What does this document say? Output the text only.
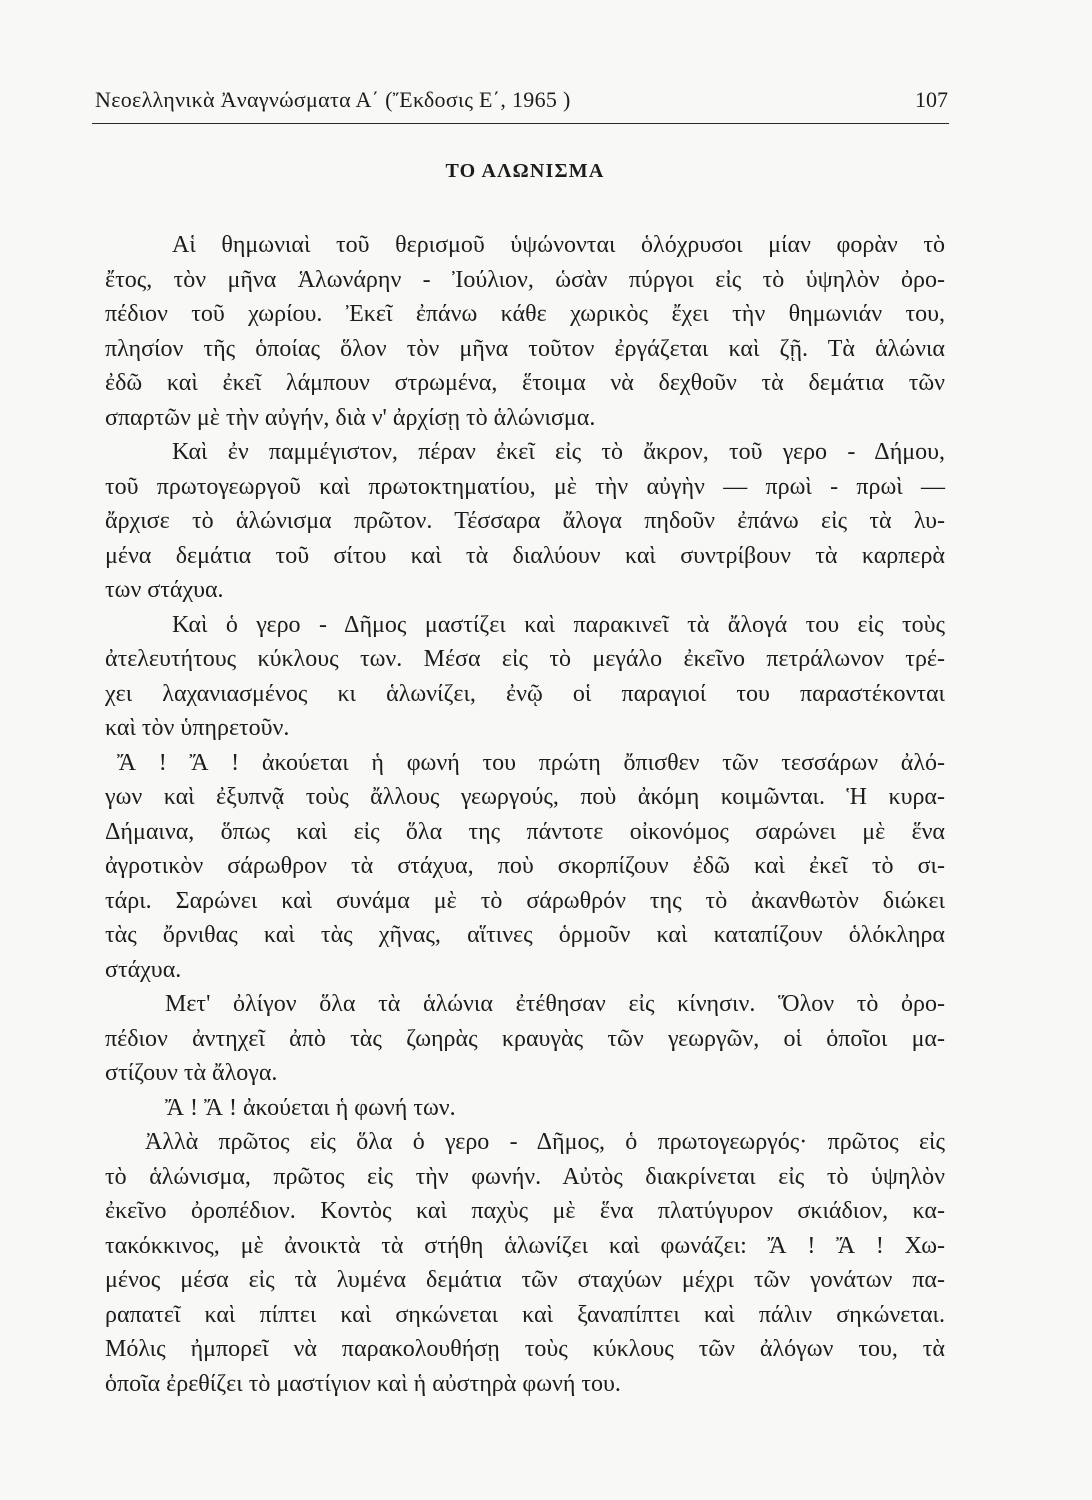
Νεοελληνικὰ Ἀναγνώσματα Α΄ (Ἔκδοσις Ε΄, 1965 )	107
ΤΟ ΑΛΩΝΙΣΜΑ
Αἱ θημωνιαὶ τοῦ θερισμοῦ ὑψώνονται ὁλόχρυσοι μίαν φορὰν τὸ
ἔτος, τὸν μῆνα Ἁλωνάρην - Ἰούλιον, ὡσὰν πύργοι εἰς τὸ ὑψηλὸν ὀρο-
πέδιον τοῦ χωρίου. Ἐκεῖ ἐπάνω κάθε χωρικὸς ἔχει τὴν θημωνιάν του,
πλησίον τῆς ὁποίας ὅλον τὸν μῆνα τοῦτον ἐργάζεται καὶ ζῇ. Τὰ ἁλώνια
ἐδῶ καὶ ἐκεῖ λάμπουν στρωμένα, ἕτοιμα νὰ δεχθοῦν τὰ δεμάτια τῶν
σπαρτῶν μὲ τὴν αὐγήν, διὰ ν' ἀρχίσῃ τὸ ἁλώνισμα.
Καὶ ἐν παμμέγιστον, πέραν ἐκεῖ εἰς τὸ ἄκρον, τοῦ γερο - Δήμου,
τοῦ πρωτογεωργοῦ καὶ πρωτοκτηματίου, μὲ τὴν αὐγὴν — πρωὶ - πρωὶ —
ἄρχισε τὸ ἁλώνισμα πρῶτον. Τέσσαρα ἄλογα πηδοῦν ἐπάνω εἰς τὰ λυ-
μένα δεμάτια τοῦ σίτου καὶ τὰ διαλύουν καὶ συντρίβουν τὰ καρπερὰ
των στάχυα.
Καὶ ὁ γερο - Δῆμος μαστίζει καὶ παρακινεῖ τὰ ἄλογά του εἰς τοὺς
ἀτελευτήτους κύκλους των. Μέσα εἰς τὸ μεγάλο ἐκεῖνο πετράλωνον τρέ-
χει λαχανιασμένος κι ἁλωνίζει, ἐνῷ οἱ παραγιοί του παραστέκονται
καὶ τὸν ὑπηρετοῦν.
Ἄ ! Ἄ ! ἀκούεται ἡ φωνή του πρώτη ὄπισθεν τῶν τεσσάρων ἀλό-
γων καὶ ἐξυπνᾷ τοὺς ἄλλους γεωργούς, ποὺ ἀκόμη κοιμῶνται. Ἡ κυρα-
Δήμαινα, ὅπως καὶ εἰς ὅλα της πάντοτε οἰκονόμος σαρώνει μὲ ἕνα
ἀγροτικὸν σάρωθρον τὰ στάχυα, ποὺ σκορπίζουν ἐδῶ καὶ ἐκεῖ τὸ σι-
τάρι. Σαρώνει καὶ συνάμα μὲ τὸ σάρωθρόν της τὸ ἀκανθωτὸν διώκει
τὰς ὄρνιθας καὶ τὰς χῆνας, αἵτινες ὁρμοῦν καὶ καταπίζουν ὁλόκληρα
στάχυα.
Μετ' ὀλίγον ὅλα τὰ ἁλώνια ἐτέθησαν εἰς κίνησιν. Ὅλον τὸ ὀρο-
πέδιον ἀντηχεῖ ἀπὸ τὰς ζωηρὰς κραυγὰς τῶν γεωργῶν, οἱ ὁποῖοι μα-
στίζουν τὰ ἄλογα.
Ἄ ! Ἄ ! ἀκούεται ἡ φωνή των.
Ἀλλὰ πρῶτος εἰς ὅλα ὁ γερο - Δῆμος, ὁ πρωτογεωργός· πρῶτος εἰς
τὸ ἁλώνισμα, πρῶτος εἰς τὴν φωνήν. Αὐτὸς διακρίνεται εἰς τὸ ὑψηλὸν
ἐκεῖνο ὀροπέδιον. Κοντὸς καὶ παχὺς μὲ ἕνα πλατύγυρον σκιάδιον, κα-
τακόκκινος, μὲ ἀνοικτὰ τὰ στήθη ἁλωνίζει καὶ φωνάζει: Ἄ ! Ἄ ! Χω-
μένος μέσα εἰς τὰ λυμένα δεμάτια τῶν σταχύων μέχρι τῶν γονάτων πα-
ραπατεῖ καὶ πίπτει καὶ σηκώνεται καὶ ξαναπίπτει καὶ πάλιν σηκώνεται.
Μόλις ἠμπορεῖ νὰ παρακολουθήσῃ τοὺς κύκλους τῶν ἀλόγων του, τὰ
ὁποῖα ἐρεθίζει τὸ μαστίγιον καὶ ἡ αὐστηρὰ φωνή του.
